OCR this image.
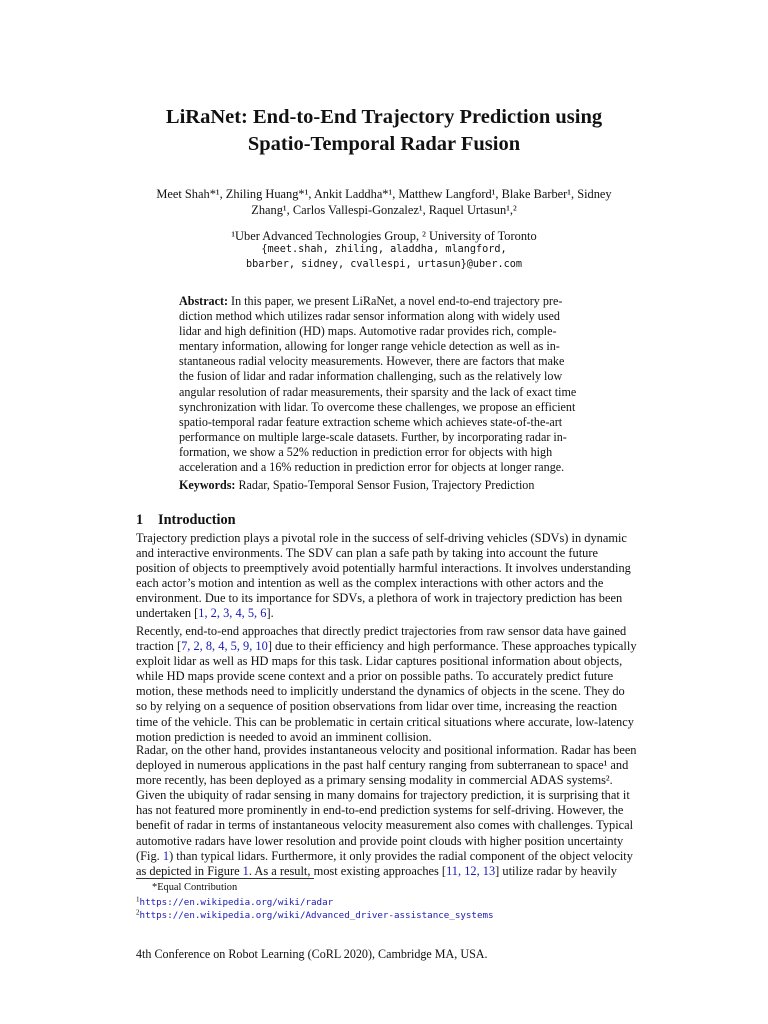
LiRaNet: End-to-End Trajectory Prediction using
Spatio-Temporal Radar Fusion
Meet Shah*¹, Zhiling Huang*¹, Ankit Laddha*¹, Matthew Langford¹, Blake Barber¹, Sidney
Zhang¹, Carlos Vallespi-Gonzalez¹, Raquel Urtasun¹,²
¹Uber Advanced Technologies Group, ² University of Toronto
{meet.shah, zhiling, aladdha, mlangford,
bbarber, sidney, cvallespi, urtasun}@uber.com
Abstract: In this paper, we present LiRaNet, a novel end-to-end trajectory pre-
diction method which utilizes radar sensor information along with widely used
lidar and high definition (HD) maps. Automotive radar provides rich, comple-
mentary information, allowing for longer range vehicle detection as well as in-
stantaneous radial velocity measurements. However, there are factors that make
the fusion of lidar and radar information challenging, such as the relatively low
angular resolution of radar measurements, their sparsity and the lack of exact time
synchronization with lidar. To overcome these challenges, we propose an efficient
spatio-temporal radar feature extraction scheme which achieves state-of-the-art
performance on multiple large-scale datasets. Further, by incorporating radar in-
formation, we show a 52% reduction in prediction error for objects with high
acceleration and a 16% reduction in prediction error for objects at longer range.
Keywords: Radar, Spatio-Temporal Sensor Fusion, Trajectory Prediction
1 Introduction
Trajectory prediction plays a pivotal role in the success of self-driving vehicles (SDVs) in dynamic
and interactive environments. The SDV can plan a safe path by taking into account the future
position of objects to preemptively avoid potentially harmful interactions. It involves understanding
each actor’s motion and intention as well as the complex interactions with other actors and the
environment. Due to its importance for SDVs, a plethora of work in trajectory prediction has been
undertaken [1, 2, 3, 4, 5, 6].
Recently, end-to-end approaches that directly predict trajectories from raw sensor data have gained
traction [7, 2, 8, 4, 5, 9, 10] due to their efficiency and high performance. These approaches typically
exploit lidar as well as HD maps for this task. Lidar captures positional information about objects,
while HD maps provide scene context and a prior on possible paths. To accurately predict future
motion, these methods need to implicitly understand the dynamics of objects in the scene. They do
so by relying on a sequence of position observations from lidar over time, increasing the reaction
time of the vehicle. This can be problematic in certain critical situations where accurate, low-latency
motion prediction is needed to avoid an imminent collision.
Radar, on the other hand, provides instantaneous velocity and positional information. Radar has been
deployed in numerous applications in the past half century ranging from subterranean to space¹ and
more recently, has been deployed as a primary sensing modality in commercial ADAS systems².
Given the ubiquity of radar sensing in many domains for trajectory prediction, it is surprising that it
has not featured more prominently in end-to-end prediction systems for self-driving. However, the
benefit of radar in terms of instantaneous velocity measurement also comes with challenges. Typical
automotive radars have lower resolution and provide point clouds with higher position uncertainty
(Fig. 1) than typical lidars. Furthermore, it only provides the radial component of the object velocity
as depicted in Figure 1. As a result, most existing approaches [11, 12, 13] utilize radar by heavily
*Equal Contribution
$^1$https://en.wikipedia.org/wiki/radar
$^2$https://en.wikipedia.org/wiki/Advanced_driver-assistance_systems
4th Conference on Robot Learning (CoRL 2020), Cambridge MA, USA.
